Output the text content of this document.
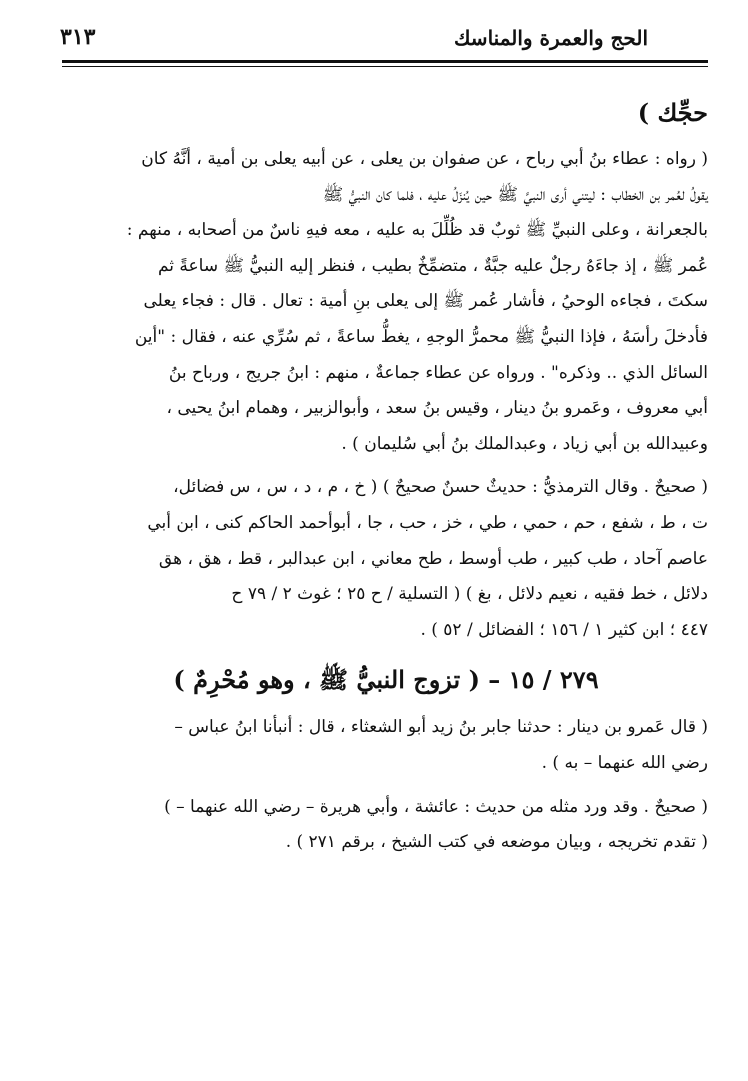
الحج والعمرة والمناسك
٣١٣
حجِّك )

( رواه : عطاء بنُ أبي رباح ، عن صفوان بن يعلى ، عن أبيه يعلى بن أمية ، أنَّهُ كان

يقولُ لعُمر بن الخطاب : ليتني أرى النبيَّ ﷺ حين يُنزَلُ عليه ، فلما كان النبيُّ ﷺ

بالجعرانة ، وعلى النبيِّ ﷺ ثوبٌ قد ظُلِّلَ به عليه ، معه فيهِ ناسٌ من أصحابه ، منهم :

عُمر ﷺ ، إذ جاءَهُ رجلٌ عليه جبَّةٌ ، متضمِّخٌ بطيب ، فنظر إليه النبيُّ ﷺ ساعةً ثم

سكتَ ، فجاءه الوحيُ ، فأشار عُمر ﷺ إلى يعلى بنِ أمية : تعال . قال : فجاء يعلى

فأدخلَ رأسَهُ ، فإذا النبيُّ ﷺ محمرُّ الوجهِ ، يغطُّ ساعةً ، ثم سُرِّي عنه ، فقال : "أين

السائل الذي .. وذكره" . ورواه عن عطاء جماعةٌ ، منهم : ابنُ جريج ، ورباح بنُ

أبي معروف ، وعَمرو بنُ دينار ، وقيس بنُ سعد ، وأبوالزبير ، وهمام ابنُ يحيى ،

وعبيدالله بن أبي زياد ، وعبدالملك بنُ أبي سُليمان ) .

( صحيحٌ . وقال الترمذيُّ : حديثٌ حسنٌ صحيحٌ ) ( خ ، م ، د ، س ، س فضائل،

ت ، ط ، شفع ، حم ، حمي ، طي ، خز ، حب ، جا ، أبوأحمد الحاكم كنى ، ابن أبي

عاصم آحاد ، طب كبير ، طب أوسط ، طح معاني ، ابن عبدالبر ، قط ، هق ، هق

دلائل ، خط فقيه ، نعيم دلائل ، بغ ) ( التسلية / ح ٢٥ ؛ غوث ٢ / ٧٩ ح

٤٤٧ ؛ ابن كثير ١ / ١٥٦ ؛ الفضائل / ٥٢ ) .

٢٧٩ / ١٥ – ( تزوج النبيُّ ﷺ ، وهو مُحْرِمٌ )

( قال عَمرو بن دينار : حدثنا جابر بنُ زيد أبو الشعثاء ، قال : أنبأنا ابنُ عباس –

رضي الله عنهما – به ) .

( صحيحٌ . وقد ورد مثله من حديث : عائشة ، وأبي هريرة – رضي الله عنهما – )

( تقدم تخريجه ، وبيان موضعه في كتب الشيخ ، برقم ٢٧١ ) .
